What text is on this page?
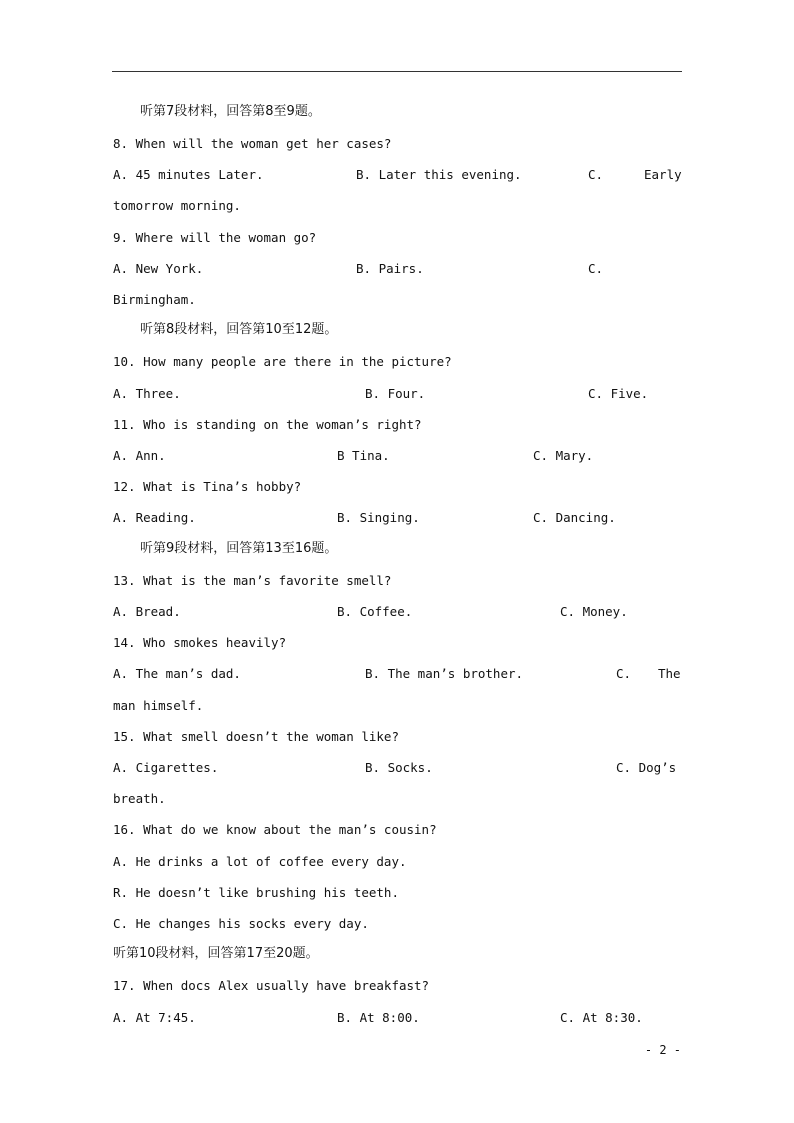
听第7段材料，回答第8至9题。
8. When will the woman get her cases?
A. 45 minutes Later.	B. Later this evening.	C.	Early
tomorrow morning.
9. Where will the woman go?
A. New York.	B. Pairs.	C.
Birmingham.
听第8段材料，回答第10至12题。
10. How many people are there in the picture?
A. Three.	B. Four.	C. Five.
11. Who is standing on the woman’s right?
A. Ann.	B Tina.	C. Mary.
12. What is Tina’s hobby?
A. Reading.	B. Singing.	C. Dancing.
听第9段材料，回答第13至16题。
13. What is the man’s favorite smell?
A. Bread.	B. Coffee.	C. Money.
14. Who smokes heavily?
A. The man’s dad.	B. The man’s brother.	C. The
man himself.
15. What smell doesn’t the woman like?
A. Cigarettes.	B. Socks.	C. Dog’s
breath.
16. What do we know about the man’s cousin?
A. He drinks a lot of coffee every day.
R. He doesn’t like brushing his teeth.
C. He changes his socks every day.
听第10段材料，回答第17至20题。
17. When docs Alex usually have breakfast?
A. At 7:45.	B. At 8:00.	C. At 8:30.
- 2 -
